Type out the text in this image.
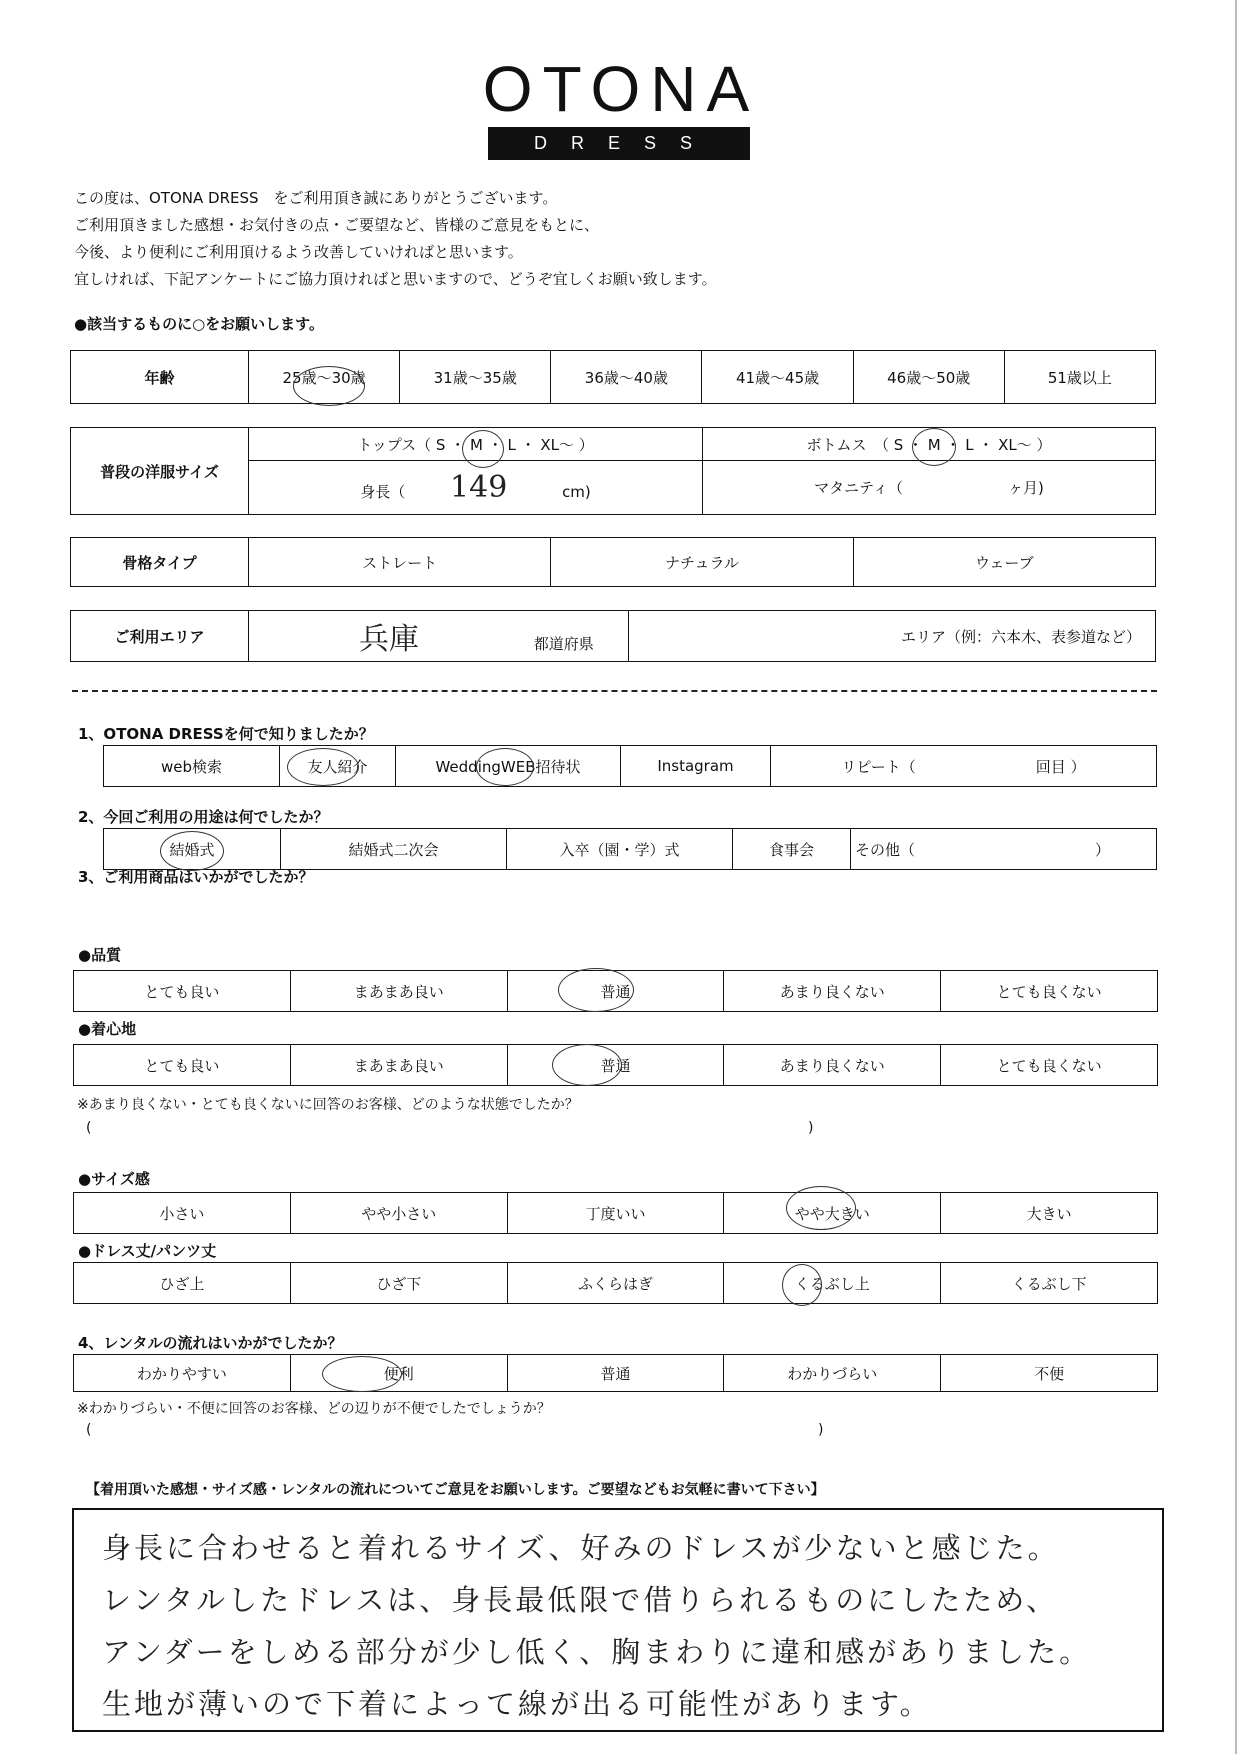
OTONA
DRESS
この度は、OTONA DRESS　をご利用頂き誠にありがとうございます。
ご利用頂きました感想・お気付きの点・ご要望など、皆様のご意見をもとに、
今後、より便利にご利用頂けるよう改善していければと思います。
宜しければ、下記アンケートにご協力頂ければと思いますので、どうぞ宜しくお願い致します。
●該当するものに○をお願いします。
年齢	25歳～30歳	31歳～35歳	36歳～40歳	41歳～45歳	46歳～50歳	51歳以上
普段の洋服サイズ	トップス（ S ・ M ・ L ・ XL～ ）	ボトムス　（ S ・ M ・ L ・ XL～ ）
	身長（ 149 cm)	マタニティ（　　　　　　　ヶ月)
骨格タイプ	ストレート	ナチュラル	ウェーブ
ご利用エリア	兵庫	都道府県	エリア（例：六本木、表参道など）
1、OTONA DRESSを何で知りましたか？
web検索	友人紹介	WeddingWEB招待状	Instagram	リピート（　　　　　　　　回目 ）
2、今回ご利用の用途は何でしたか？
結婚式	結婚式二次会	入卒（園・学）式	食事会	その他（　　　　　　　　　　　　）
3、ご利用商品はいかがでしたか？
●品質
とても良い	まあまあ良い	普通	あまり良くない	とても良くない
●着心地
とても良い	まあまあ良い	普通	あまり良くない	とても良くない
※あまり良くない・とても良くないに回答のお客様、どのような状態でしたか？
(	)
●サイズ感
小さい	やや小さい	丁度いい	やや大きい	大きい
●ドレス丈/パンツ丈
ひざ上	ひざ下	ふくらはぎ	くるぶし上	くるぶし下
4、レンタルの流れはいかがでしたか？
わかりやすい	便利	普通	わかりづらい	不便
※わかりづらい・不便に回答のお客様、どの辺りが不便でしたでしょうか？
(	)
【着用頂いた感想・サイズ感・レンタルの流れについてご意見をお願いします。ご要望などもお気軽に書いて下さい】
身長に合わせると着れるサイズ、好みのドレスが少ないと感じた。
レンタルしたドレスは、身長最低限で借りられるものにしたため、
アンダーをしめる部分が少し低く、胸まわりに違和感がありました。
生地が薄いので下着によって線が出る可能性があります。
